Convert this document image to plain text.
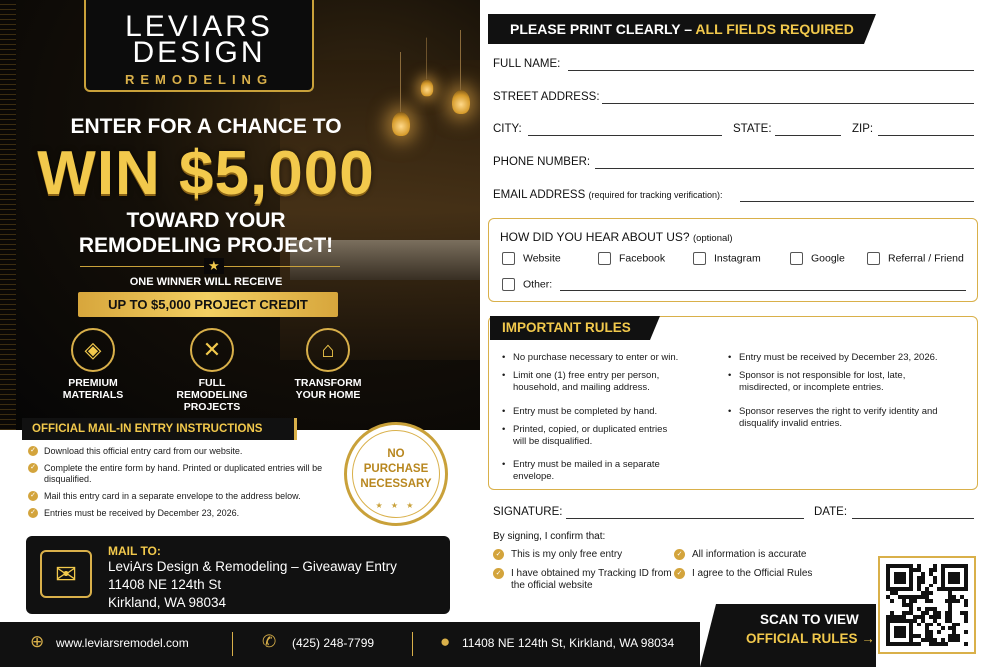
LEVIARS
DESIGN
REMODELING
ENTER FOR A CHANCE TO
WIN $5,000
TOWARD YOUR
REMODELING PROJECT!
★
ONE WINNER WILL RECEIVE
UP TO $5,000 PROJECT CREDIT
◈
PREMIUM
MATERIALS
✕
FULL
REMODELING
PROJECTS
⌂
TRANSFORM
YOUR HOME
OFFICIAL MAIL-IN ENTRY INSTRUCTIONS
✓ Download this official entry card from our website.
✓ Complete the entire form by hand. Printed or duplicated entries will be disqualified.
✓ Mail this entry card in a separate envelope to the address below.
✓ Entries must be received by December 23, 2026.
NO
PURCHASE
NECESSARY
★ ★ ★
✉
MAIL TO:
LeviArs Design & Remodeling – Giveaway Entry
11408 NE 124th St
Kirkland, WA 98034
PLEASE PRINT CLEARLY – ALL FIELDS REQUIRED
FULL NAME:
STREET ADDRESS:
CITY:	STATE:	ZIP:
PHONE NUMBER:
EMAIL ADDRESS (required for tracking verification):
HOW DID YOU HEAR ABOUT US? (optional)
Website	Facebook	Instagram	Google	Referral / Friend
Other:
IMPORTANT RULES
• No purchase necessary to enter or win.
• Limit one (1) free entry per person, household, and mailing address.
• Entry must be completed by hand.
• Printed, copied, or duplicated entries will be disqualified.
• Entry must be mailed in a separate envelope.
• Entry must be received by December 23, 2026.
• Sponsor is not responsible for lost, late, misdirected, or incomplete entries.
• Sponsor reserves the right to verify identity and disqualify invalid entries.
SIGNATURE:	DATE:
By signing, I confirm that:
✓ This is my only free entry	✓ All information is accurate
✓ I have obtained my Tracking ID from the official website
✓ I agree to the Official Rules
SCAN TO VIEW
OFFICIAL RULES →
⊕ www.leviarsremodel.com	✆ (425) 248-7799	● 11408 NE 124th St, Kirkland, WA 98034
